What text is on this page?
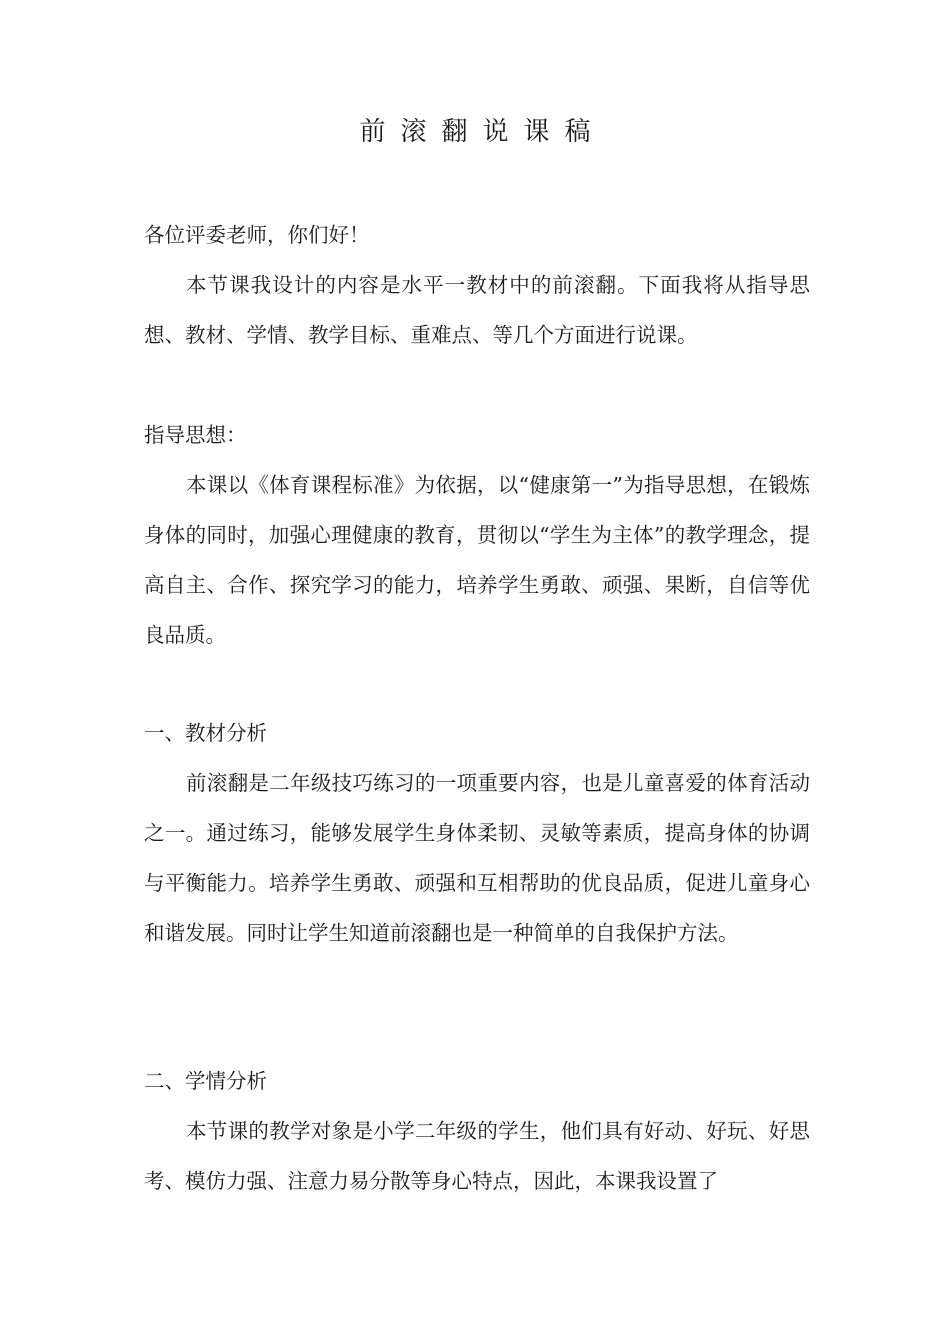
前滚翻说课稿
各位评委老师，你们好！
本节课我设计的内容是水平一教材中的前滚翻。下面我将从指导思想、教材、学情、教学目标、重难点、等几个方面进行说课。
指导思想：
本课以《体育课程标准》为依据，以“健康第一”为指导思想，在锻炼身体的同时，加强心理健康的教育，贯彻以“学生为主体”的教学理念，提高自主、合作、探究学习的能力，培养学生勇敢、顽强、果断，自信等优良品质。
一、教材分析
前滚翻是二年级技巧练习的一项重要内容，也是儿童喜爱的体育活动之一。通过练习，能够发展学生身体柔韧、灵敏等素质，提高身体的协调与平衡能力。培养学生勇敢、顽强和互相帮助的优良品质，促进儿童身心和谐发展。同时让学生知道前滚翻也是一种简单的自我保护方法。
二、学情分析
本节课的教学对象是小学二年级的学生，他们具有好动、好玩、好思考、模仿力强、注意力易分散等身心特点，因此，本课我设置了
